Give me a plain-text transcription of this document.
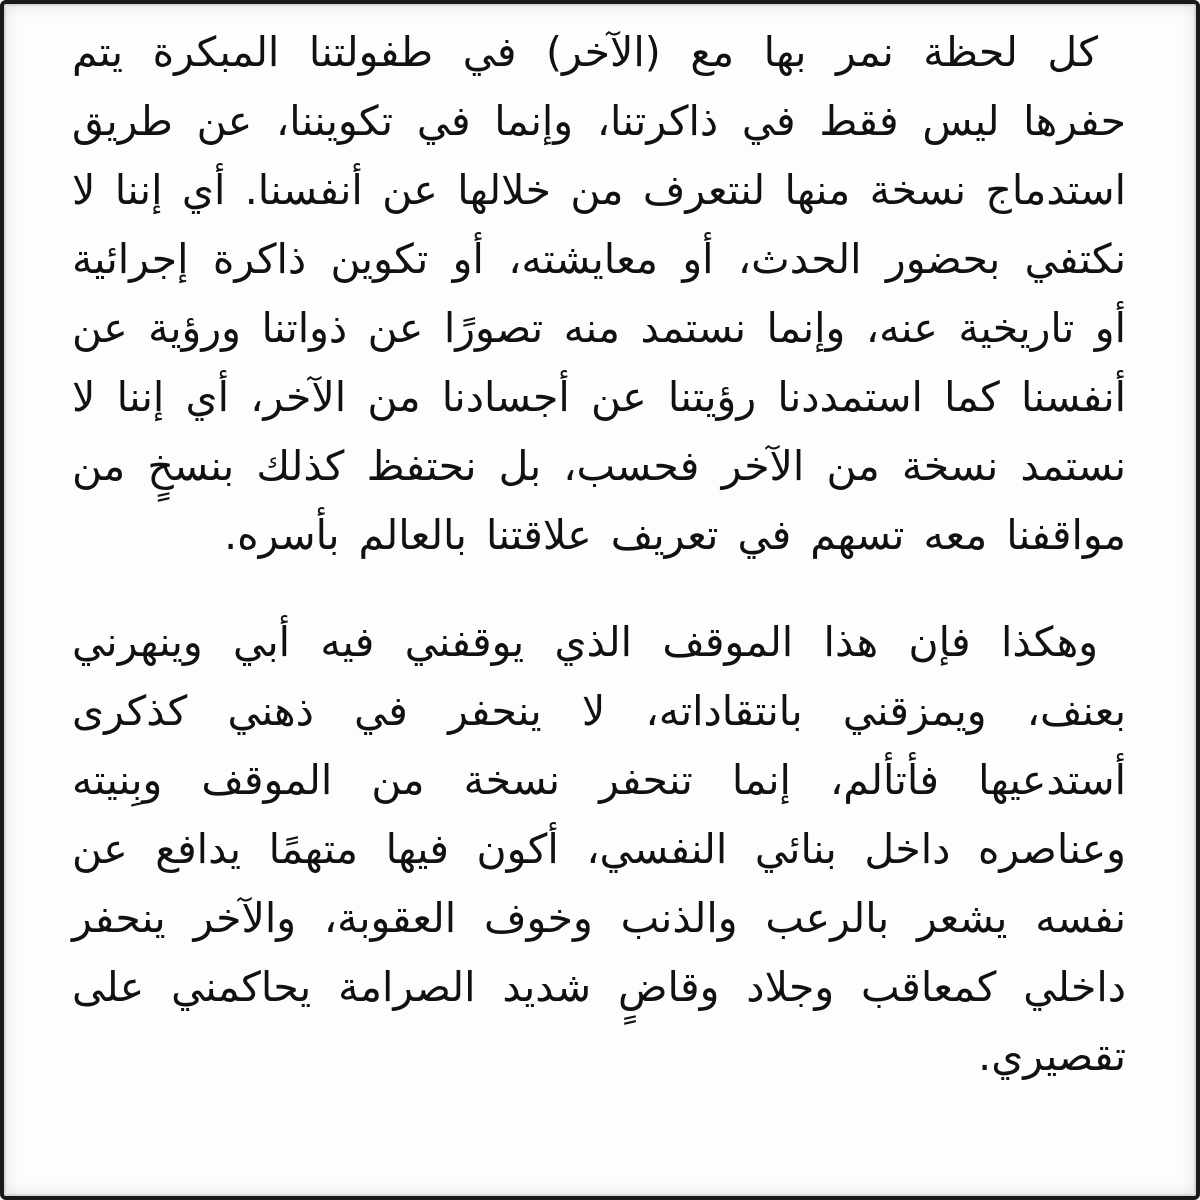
كل لحظة نمر بها مع (الآخر) في طفولتنا المبكرة يتم حفرها ليس فقط في ذاكرتنا، وإنما في تكويننا، عن طريق استدماج نسخة منها لنتعرف من خلالها عن أنفسنا. أي إننا لا نكتفي بحضور الحدث، أو معايشته، أو تكوين ذاكرة إجرائية أو تاريخية عنه، وإنما نستمد منه تصورًا عن ذواتنا ورؤية عن أنفسنا كما استمددنا رؤيتنا عن أجسادنا من الآخر، أي إننا لا نستمد نسخة من الآخر فحسب، بل نحتفظ كذلك بنسخٍ من مواقفنا معه تسهم في تعريف علاقتنا بالعالم بأسره.

وهكذا فإن هذا الموقف الذي يوقفني فيه أبي وينهرني بعنف، ويمزقني بانتقاداته، لا ينحفر في ذهني كذكرى أستدعيها فأتألم، إنما تنحفر نسخة من الموقف وبِنيته وعناصره داخل بنائي النفسي، أكون فيها متهمًا يدافع عن نفسه يشعر بالرعب والذنب وخوف العقوبة، والآخر ينحفر داخلي كمعاقب وجلاد وقاضٍ شديد الصرامة يحاكمني على تقصيري.
